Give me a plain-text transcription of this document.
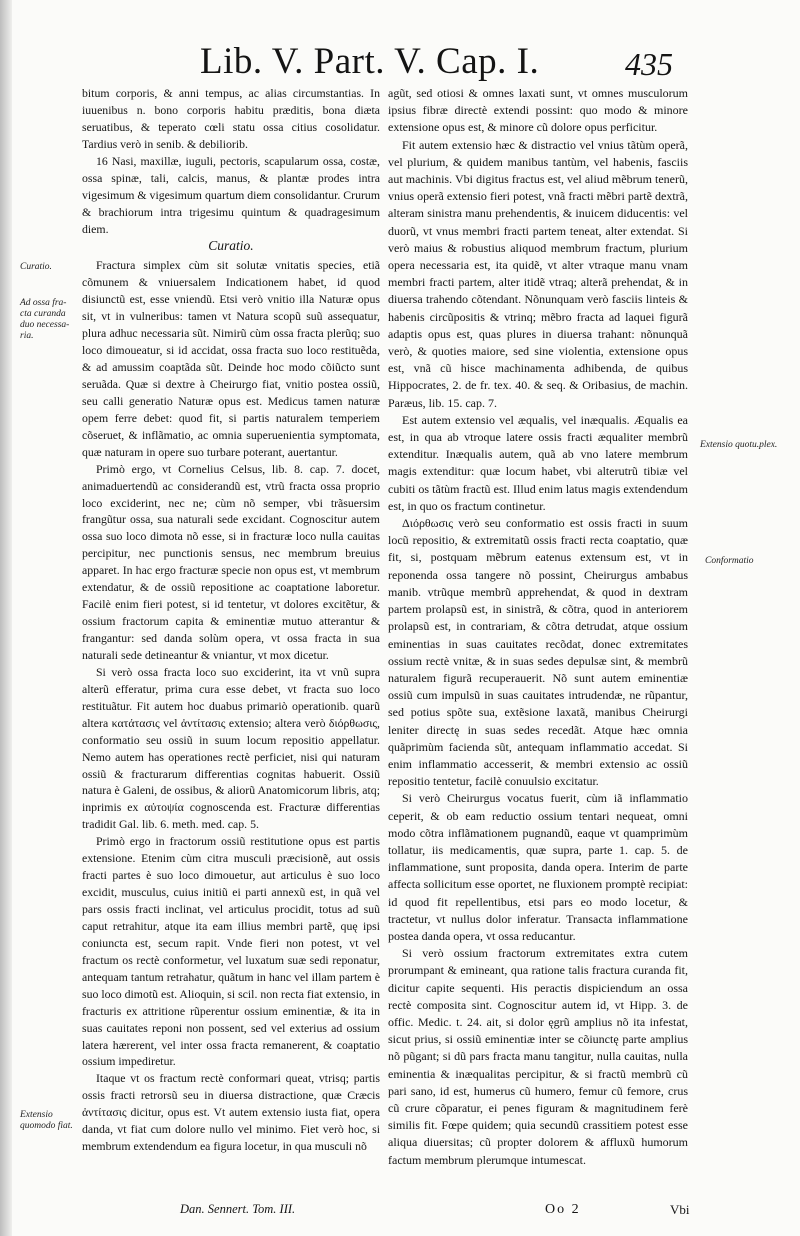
Lib. V. Part. V. Cap. I.	435
Curatio.
Ad ossa fra-cta curanda duo necessa-ria.
Extensio quotu.plex.
Conformatio
Extensio quomodo fiat.

bitum corporis, & anni tempus, ac alias circumstantias. In iuuenibus n. bono corporis habitu præditis, bona diæta seruatibus, & teperato cœli statu ossa citius cosolidatur. Tardius verò in senib. & debiliorib.

16 Nasi, maxillæ, iuguli, pectoris, scapularum ossa, costæ, ossa spinæ, tali, calcis, manus, & plantæ prodes intra vigesimum & vigesimum quartum diem consolidantur. Crurum & brachiorum intra trigesimu quintum & quadragesimum diem.

Curatio.

Fractura simplex cùm sit solutæ vnitatis species, etiã cõmunem & vniuersalem Indicationem habet, id quod disiunctũ est, esse vniendũ. Etsi verò vnitio illa Naturæ opus sit, vt in vulneribus: tamen vt Natura scopũ suũ assequatur, plura adhuc necessaria sũt. Nimirũ cùm ossa fracta plerũq; suo loco dimoueatur, si id accidat, ossa fracta suo loco restituẽda, & ad amussim coaptãda sũt. Deinde hoc modo cõiũcto sunt seruãda. Quæ si dextre à Cheirurgo fiat, vnitio postea ossiũ, seu calli generatio Naturæ opus est. Medicus tamen naturæ opem ferre debet: quod fit, si partis naturalem temperiem cõseruet, & inflãmatio, ac omnia superuenientia symptomata, quæ naturam in opere suo turbare poterant, auertantur.

Primò ergo, vt Cornelius Celsus, lib. 8. cap. 7. docet, animaduertendũ ac considerandũ est, vtrũ fracta ossa proprio loco exciderint, nec ne; cùm nõ semper, vbi trãsuersim frangũtur ossa, sua naturali sede excidant. Cognoscitur autem ossa suo loco dimota nõ esse, si in fracturæ loco nulla cauitas percipitur, nec punctionis sensus, nec membrum breuius apparet. In hac ergo fracturæ specie non opus est, vt membrum extendatur, & de ossiũ repositione ac coaptatione laboretur. Facilè enim fieri potest, si id tentetur, vt dolores excitẽtur, & ossium fractorum capita & eminentiæ mutuo atterantur & frangantur: sed danda solùm opera, vt ossa fracta in sua naturali sede detineantur & vniantur, vt mox dicetur.

Si verò ossa fracta loco suo exciderint, ita vt vnũ supra alterũ efferatur, prima cura esse debet, vt fracta suo loco restituãtur. Fit autem hoc duabus primariò operationib. quarũ altera κατάτασις vel ἀντίτασις extensio; altera verò διόρθωσις, conformatio seu ossiũ in suum locum repositio appellatur. Nemo autem has operationes rectè perficiet, nisi qui naturam ossiũ & fracturarum differentias cognitas habuerit. Ossiũ natura è Galeni, de ossibus, & aliorũ Anatomicorum libris, atq; inprimis ex αὐτοψία cognoscenda est. Fracturæ differentias tradidit Gal. lib. 6. meth. med. cap. 5.

Primò ergo in fractorum ossiũ restitutione opus est partis extensione. Etenim cùm citra musculi præcisionẽ, aut ossis fracti partes è suo loco dimouetur, aut articulus è suo loco excidit, musculus, cuius initiũ ei parti annexũ est, in quã vel pars ossis fracti inclinat, vel articulus procidit, totus ad suũ caput retrahitur, atque ita eam illius membri partẽ, quę ipsi coniuncta est, secum rapit. Vnde fieri non potest, vt vel fractum os rectè conformetur, vel luxatum suæ sedi reponatur, antequam tantum retrahatur, quãtum in hanc vel illam partem è suo loco dimotũ est. Alioquin, si scil. non recta fiat extensio, in fracturis ex attritione rũperentur ossium eminentiæ, & ita in suas cauitates reponi non possent, sed vel exterius ad ossium latera hærerent, vel inter ossa fracta remanerent, & coaptatio ossium impediretur.

Itaque vt os fractum rectè conformari queat, vtrisq; partis ossis fracti retrorsũ seu in diuersa distractione, quæ Cræcis ἀντίτασις dicitur, opus est. Vt autem extensio iusta fiat, opera danda, vt fiat cum dolore nullo vel minimo. Fiet verò hoc, si membrum extendendum ea figura locetur, in qua musculi nõ

agũt, sed otiosi & omnes laxati sunt, vt omnes musculorum ipsius fibræ directè extendi possint: quo modo & minore extensione opus est, & minore cũ dolore opus perficitur.

Fit autem extensio hæc & distractio vel vnius tãtùm operã, vel plurium, & quidem manibus tantùm, vel habenis, fasciis aut machinis. Vbi digitus fractus est, vel aliud mẽbrum tenerũ, vnius operã extensio fieri potest, vnã fracti mẽbri partẽ dextrã, alteram sinistra manu prehendentis, & inuicem diducentis: vel duorũ, vt vnus membri fracti partem teneat, alter extendat. Si verò maius & robustius aliquod membrum fractum, plurium opera necessaria est, ita quidẽ, vt alter vtraque manu vnam membri fracti partem, alter itidẽ vtraq; alterã prehendat, & in diuersa trahendo cõtendant. Nõnunquam verò fasciis linteis & habenis circũpositis & vtrinq; mẽbro fracta ad laquei figurã adaptis opus est, quas plures in diuersa trahant: nõnunquã verò, & quoties maiore, sed sine violentia, extensione opus est, vnã cũ hisce machinamenta adhibenda, de quibus Hippocrates, 2. de fr. tex. 40. & seq. & Oribasius, de machin. Paræus, lib. 15. cap. 7.

Est autem extensio vel æqualis, vel inæqualis. Æqualis ea est, in qua ab vtroque latere ossis fracti æqualiter membrũ extenditur. Inæqualis autem, quã ab vno latere membrum magis extenditur: quæ locum habet, vbi alterutrũ tibiæ vel cubiti os tãtùm fractũ est. Illud enim latus magis extendendum est, in quo os fractum continetur.

Διόρθωσις verò seu conformatio est ossis fracti in suum locũ repositio, & extremitatũ ossis fracti recta coaptatio, quæ fit, si, postquam mẽbrum eatenus extensum est, vt in reponenda ossa tangere nõ possint, Cheirurgus ambabus manib. vtrũque membrũ apprehendat, & quod in dextram partem prolapsũ est, in sinistrã, & cõtra, quod in anteriorem prolapsũ est, in contrariam, & cõtra detrudat, atque ossium eminentias in suas cauitates recõdat, donec extremitates ossium rectè vnitæ, & in suas sedes depulsæ sint, & membrũ naturalem figurã recuperauerit. Nõ sunt autem eminentiæ ossiũ cum impulsũ in suas cauitates intrudendæ, ne rũpantur, sed potius spõte sua, extẽsione laxatã, manibus Cheirurgi leniter directę in suas sedes recedãt. Atque hæc omnia quãprimùm facienda sũt, antequam inflammatio accedat. Si enim inflammatio accesserit, & membri extensio ac ossiũ repositio tentetur, facilè conuulsio excitatur.

Si verò Cheirurgus vocatus fuerit, cùm iã inflammatio ceperit, & ob eam reductio ossium tentari nequeat, omni modo cõtra inflãmationem pugnandũ, eaque vt quamprimùm tollatur, iis medicamentis, quæ supra, parte 1. cap. 5. de inflammatione, sunt proposita, danda opera. Interim de parte affecta sollicitum esse oportet, ne fluxionem promptè recipiat: id quod fit repellentibus, etsi pars eo modo locetur, & tractetur, vt nullus dolor inferatur. Transacta inflammatione postea danda opera, vt ossa reducantur.

Si verò ossium fractorum extremitates extra cutem prorumpant & emineant, qua ratione talis fractura curanda fit, dicitur capite sequenti. His peractis dispiciendum an ossa rectè composita sint. Cognoscitur autem id, vt Hipp. 3. de offic. Medic. t. 24. ait, si dolor ęgrũ amplius nõ ita infestat, sicut prius, si ossiũ eminentiæ inter se cõiunctę parte amplius nõ pũgant; si dũ pars fracta manu tangitur, nulla cauitas, nulla eminentia & inæqualitas percipitur, & si fractũ membrũ cũ pari sano, id est, humerus cũ humero, femur cũ femore, crus cũ crure cõparatur, ei penes figuram & magnitudinem ferè similis fit. Fœpe quidem; quia secundũ crassitiem potest esse aliqua diuersitas; cũ propter dolorem & affluxũ humorum factum membrum plerumque intumescat.

Dan. Sennert. Tom. III.	Oo 2	Vbi
